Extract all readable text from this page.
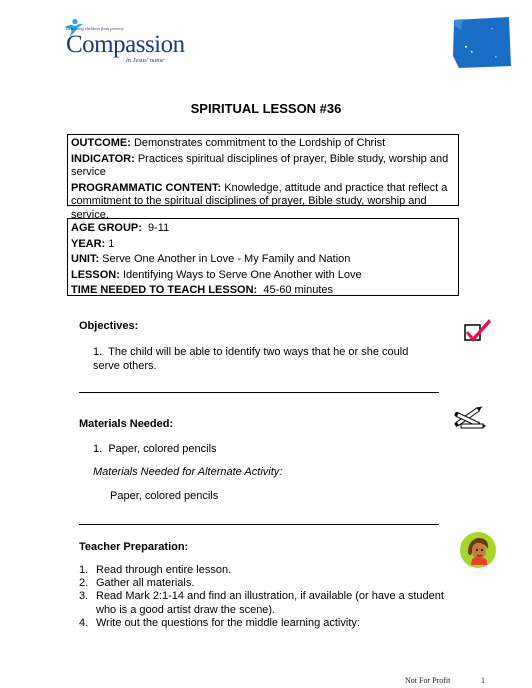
Releasing children from poverty
Compassion
in Jesus' name
SPIRITUAL LESSON #36

OUTCOME: Demonstrates commitment to the Lordship of Christ

INDICATOR: Practices spiritual disciplines of prayer, Bible study, worship and service

PROGRAMMATIC CONTENT: Knowledge, attitude and practice that reflect a commitment to the spiritual disciplines of prayer, Bible study, worship and service.

AGE GROUP: 9-11

YEAR: 1

UNIT: Serve One Another in Love - My Family and Nation

LESSON: Identifying Ways to Serve One Another with Love

TIME NEEDED TO TEACH LESSON: 45-60 minutes

Objectives:
1. The child will be able to identify two ways that he or she could serve others.
Materials Needed:
1. Paper, colored pencils
Materials Needed for Alternate Activity:
Paper, colored pencils
Teacher Preparation:
1. Read through entire lesson.
2. Gather all materials.
3. Read Mark 2:1-14 and find an illustration, if available (or have a student who is a good artist draw the scene).
4. Write out the questions for the middle learning activity:
Not For Profit	1
